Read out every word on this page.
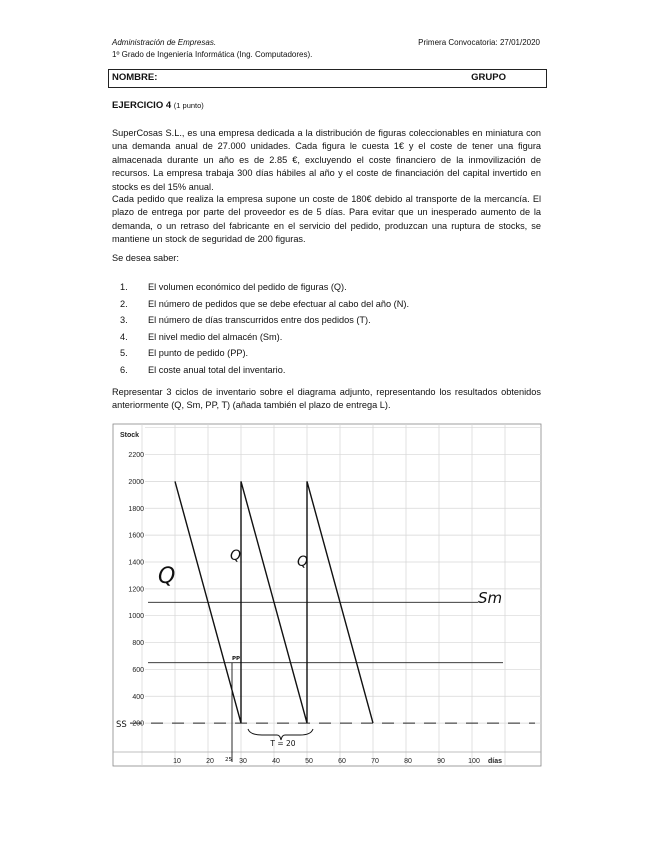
Administración de Empresas.
1º Grado de Ingeniería Informática (Ing. Computadores).
Primera Convocatoria: 27/01/2020
NOMBRE:	GRUPO
EJERCICIO 4 (1 punto)
SuperCosas S.L., es una empresa dedicada a la distribución de figuras coleccionables en miniatura con una demanda anual de 27.000 unidades. Cada figura le cuesta 1€ y el coste de tener una figura almacenada durante un año es de 2.85 €, excluyendo el coste financiero de la inmovilización de recursos. La empresa trabaja 300 días hábiles al año y el coste de financiación del capital invertido en stocks es del 15% anual.
Cada pedido que realiza la empresa supone un coste de 180€ debido al transporte de la mercancía. El plazo de entrega por parte del proveedor es de 5 días. Para evitar que un inesperado aumento de la demanda, o un retraso del fabricante en el servicio del pedido, produzcan una ruptura de stocks, se mantiene un stock de seguridad de 200 figuras.
Se desea saber:
1.	El volumen económico del pedido de figuras (Q).
2.	El número de pedidos que se debe efectuar al cabo del año (N).
3.	El número de días transcurridos entre dos pedidos (T).
4.	El nivel medio del almacén (Sm).
5.	El punto de pedido (PP).
6.	El coste anual total del inventario.
Representar 3 ciclos de inventario sobre el diagrama adjunto, representando los resultados obtenidos anteriormente (Q, Sm, PP, T) (añada también el plazo de entrega L).
200
400
600
800
1000
1200
1400
1600
1800
2000
2200
10	20	30	40	50	60	70	80	90	100
Stock
días
Q
Q	Q
PP
SS
Sm
25
T = 20
